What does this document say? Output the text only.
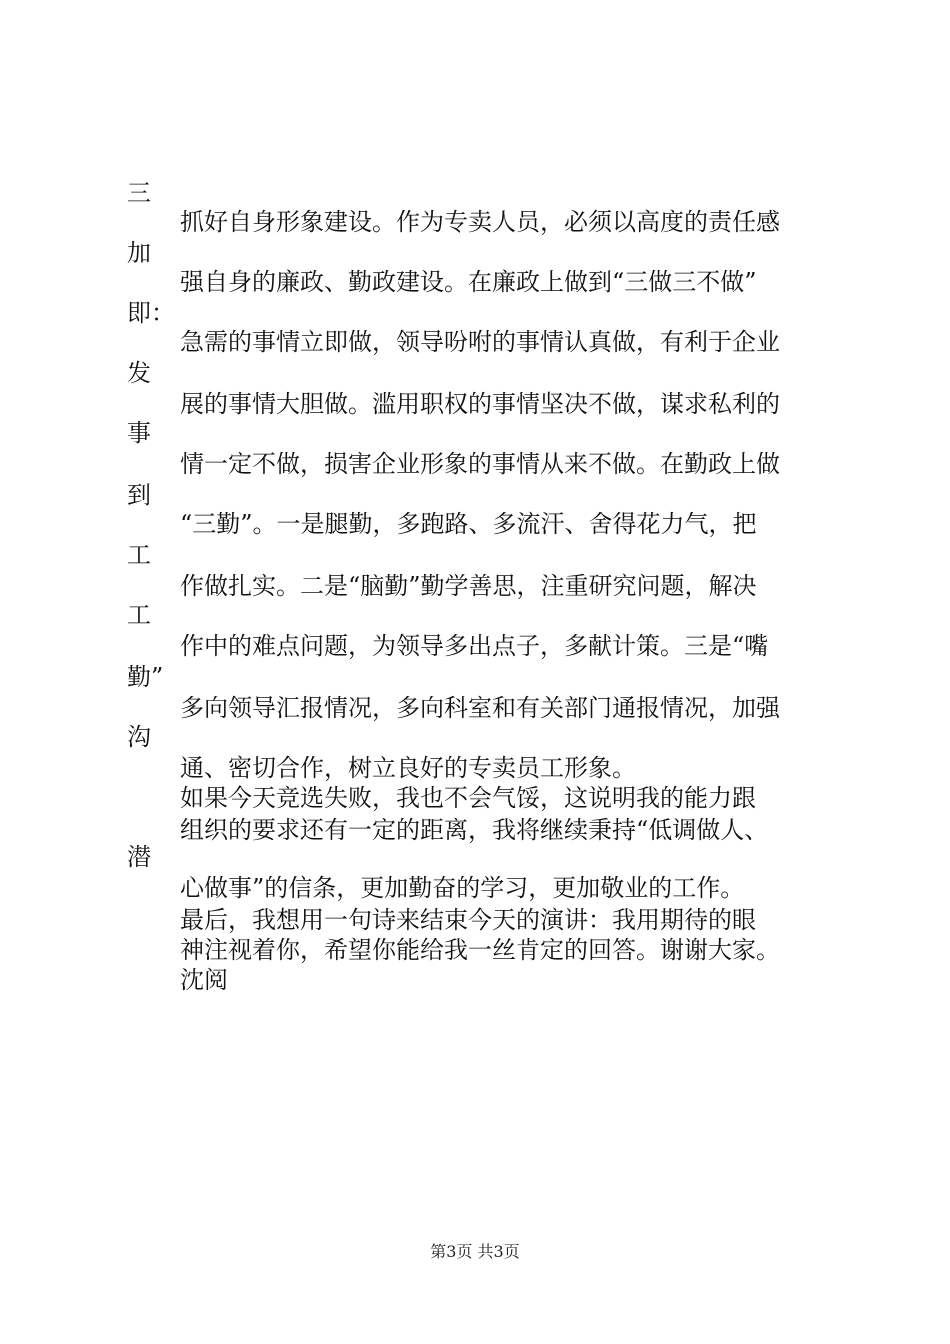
三
加
即：
发
事
到
工
工
勤”
沟
潜
抓好自身形象建设。作为专卖人员，必须以高度的责任感
强自身的廉政、勤政建设。在廉政上做到“三做三不做”
急需的事情立即做，领导吩咐的事情认真做，有利于企业
展的事情大胆做。滥用职权的事情坚决不做，谋求私利的
情一定不做，损害企业形象的事情从来不做。在勤政上做
“三勤”。一是腿勤，多跑路、多流汗、舍得花力气，把
作做扎实。二是“脑勤”勤学善思，注重研究问题，解决
作中的难点问题，为领导多出点子，多献计策。三是“嘴
多向领导汇报情况，多向科室和有关部门通报情况，加强
通、密切合作，树立良好的专卖员工形象。
如果今天竞选失败，我也不会气馁，这说明我的能力跟
组织的要求还有一定的距离，我将继续秉持“低调做人、
心做事”的信条，更加勤奋的学习，更加敬业的工作。
最后，我想用一句诗来结束今天的演讲：我用期待的眼
神注视着你，希望你能给我一丝肯定的回答。谢谢大家。
沈阅
第3页 共3页
